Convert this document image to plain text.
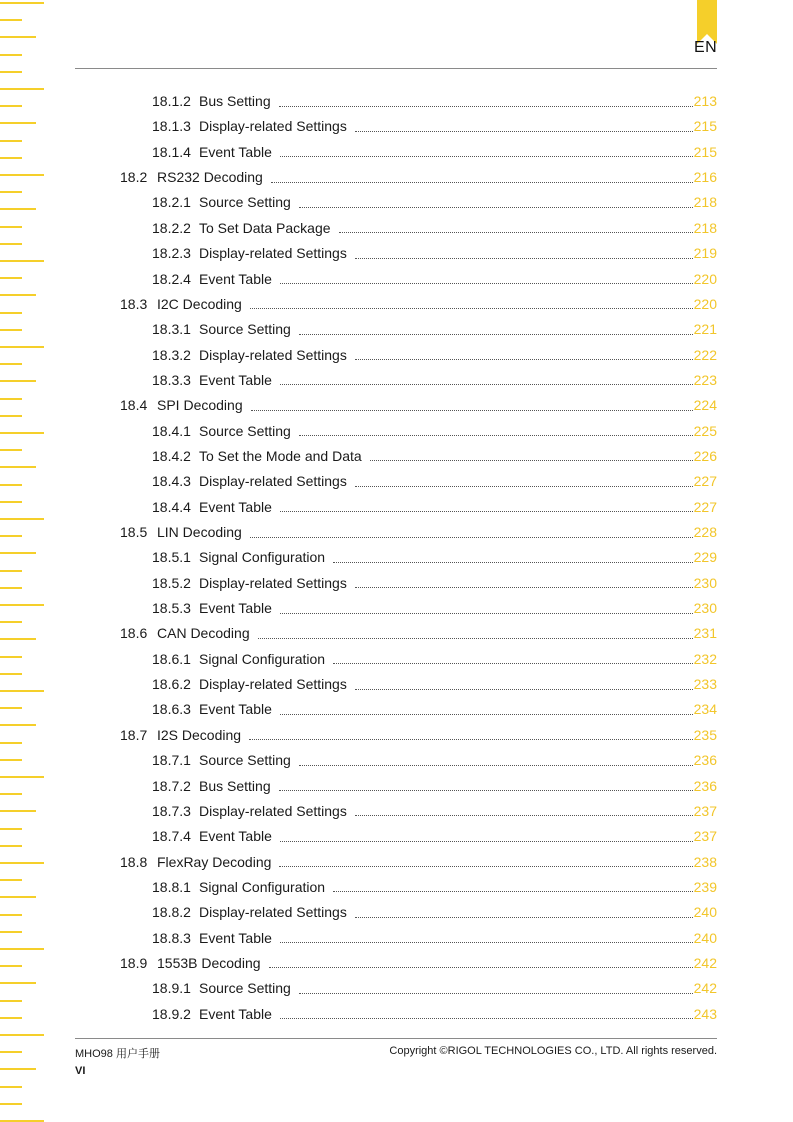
EN
18.1.2 Bus Setting	213
18.1.3 Display-related Settings	215
18.1.4 Event Table	215
18.2 RS232 Decoding	216
18.2.1 Source Setting	218
18.2.2 To Set Data Package	218
18.2.3 Display-related Settings	219
18.2.4 Event Table	220
18.3 I2C Decoding	220
18.3.1 Source Setting	221
18.3.2 Display-related Settings	222
18.3.3 Event Table	223
18.4 SPI Decoding	224
18.4.1 Source Setting	225
18.4.2 To Set the Mode and Data	226
18.4.3 Display-related Settings	227
18.4.4 Event Table	227
18.5 LIN Decoding	228
18.5.1 Signal Configuration	229
18.5.2 Display-related Settings	230
18.5.3 Event Table	230
18.6 CAN Decoding	231
18.6.1 Signal Configuration	232
18.6.2 Display-related Settings	233
18.6.3 Event Table	234
18.7 I2S Decoding	235
18.7.1 Source Setting	236
18.7.2 Bus Setting	236
18.7.3 Display-related Settings	237
18.7.4 Event Table	237
18.8 FlexRay Decoding	238
18.8.1 Signal Configuration	239
18.8.2 Display-related Settings	240
18.8.3 Event Table	240
18.9 1553B Decoding	242
18.9.1 Source Setting	242
18.9.2 Event Table	243
MHO98 用户手册	Copyright ©RIGOL TECHNOLOGIES CO., LTD. All rights reserved.
VI
